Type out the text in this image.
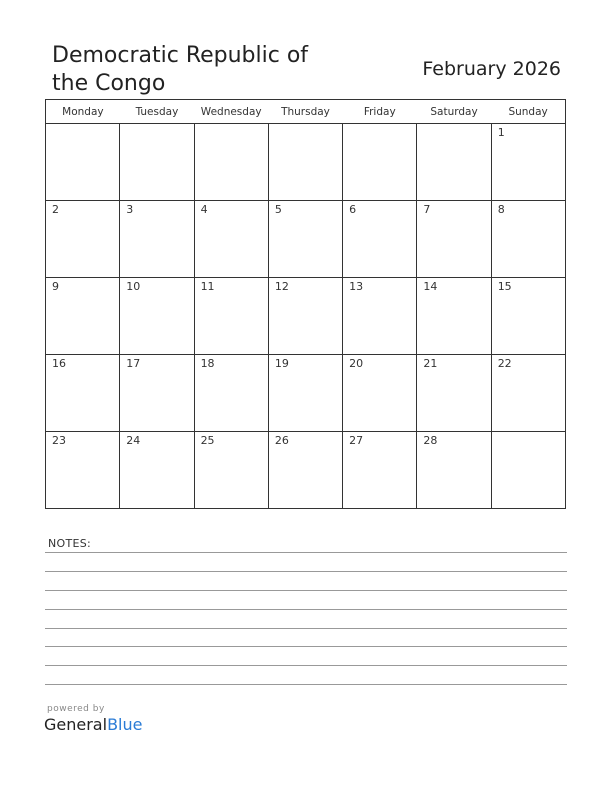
Democratic Republic of
the Congo
February 2026
Monday	Tuesday	Wednesday	Thursday	Friday	Saturday	Sunday

						1

2	3	4	5	6	7	8

9	10	11	12	13	14	15

16	17	18	19	20	21	22

23	24	25	26	27	28	

NOTES:
powered by
GeneralBlue
